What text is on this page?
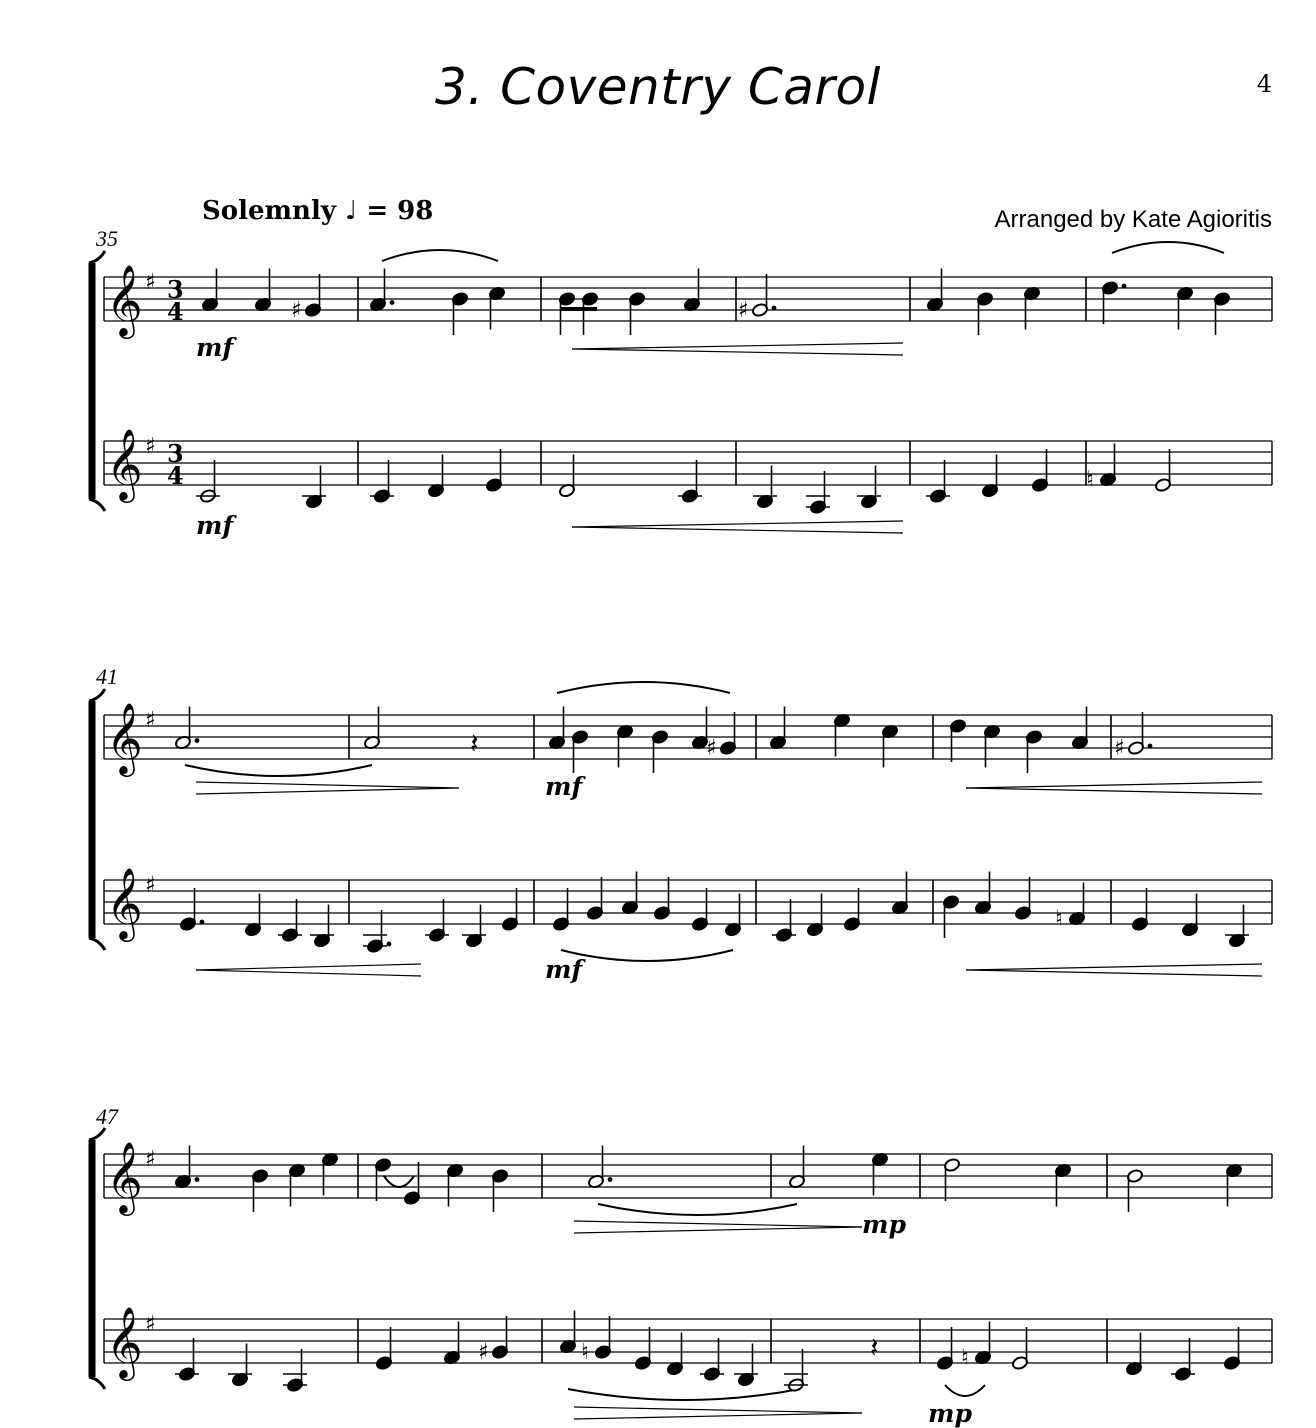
3. Coventry Carol	4
Solemnly ♩ = 98	Arranged by Kate Agioritis
35
41
47
𝄞 ♯ 3
4
𝄞 ♯ 3
4
𝄞 ♯
𝄞 ♯
𝄞 ♯
𝄞 ♯
♯	♯
♮
𝄽	♯	♯
♮
♯	♮	𝄽	♮
mf
mf
mf
mf
mp
mp
